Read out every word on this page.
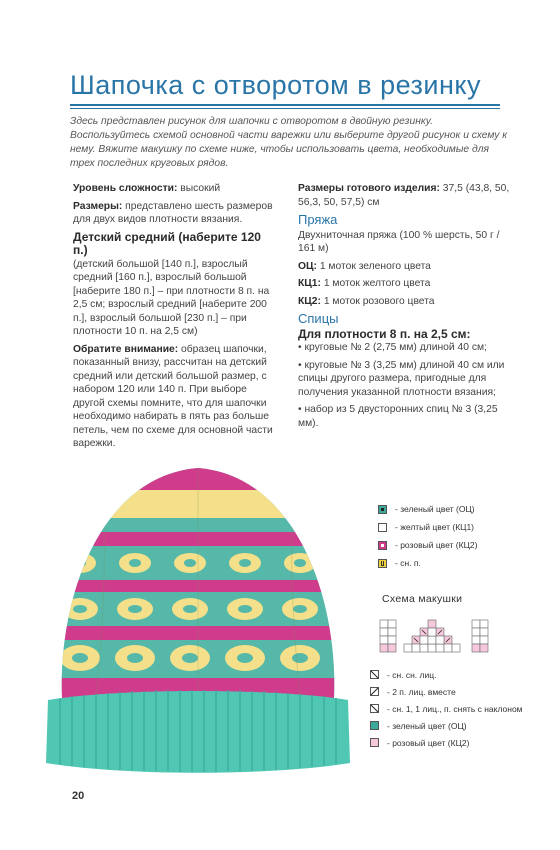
Шапочка с отворотом в резинку
Здесь представлен рисунок для шапочки с отворотом в двойную резинку. Воспользуйтесь схемой основной части варежки или выберите другой рисунок и схему к нему. Вяжите макушку по схеме ниже, чтобы использовать цвета, необходимые для трех последних круговых рядов.
Уровень сложности: высокий
Размеры: представлено шесть размеров для двух видов плотности вязания.
Детский средний (наберите 120 п.)
(детский большой [140 п.], взрослый средний [160 п.], взрослый большой [наберите 180 п.] – при плотности 8 п. на 2,5 см; взрослый средний [наберите 200 п.], взрослый большой [230 п.] – при плотности 10 п. на 2,5 см)
Обратите внимание: образец шапочки, показанный внизу, рассчитан на детский средний или детский большой размер, с набором 120 или 140 п. При выборе другой схемы помните, что для шапочки необходимо набирать в пять раз больше петель, чем по схеме для основной части варежки.
Размеры готового изделия: 37,5 (43,8, 50, 56,3, 50, 57,5) см
Пряжа
Двухниточная пряжа (100 % шерсть, 50 г / 161 м)
ОЦ: 1 моток зеленого цвета
КЦ1: 1 моток желтого цвета
КЦ2: 1 моток розового цвета
Спицы
Для плотности 8 п. на 2,5 см:
• круговые № 2 (2,75 мм) длиной 40 см;
• круговые № 3 (3,25 мм) длиной 40 см или спицы другого размера, пригодные для получения указанной плотности вязания;
• набор из 5 двусторонних спиц № 3 (3,25 мм).
- зеленый цвет (ОЦ)
- желтый цвет (КЦ1)
- розовый цвет (КЦ2)
- сн. п.
Схема макушки
- сн. сн. лиц.
- 2 п. лиц. вместе
- сн. 1, 1 лиц., п. снять с наклоном
- зеленый цвет (ОЦ)
- розовый цвет (КЦ2)
20
